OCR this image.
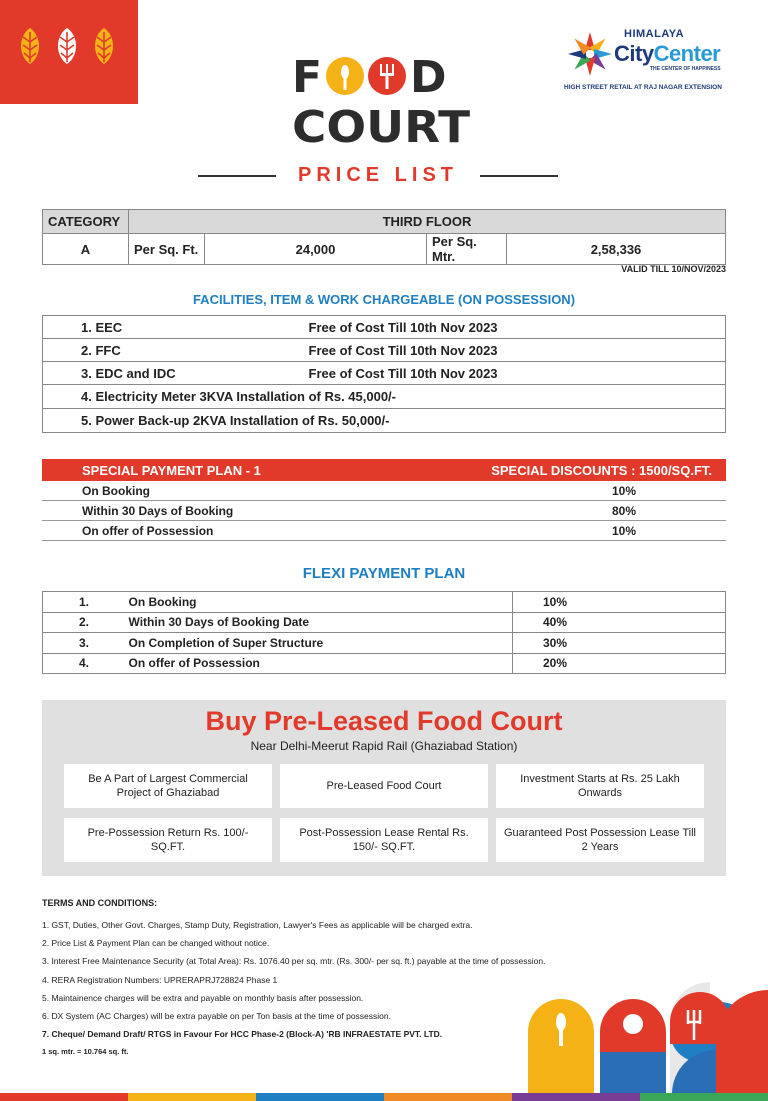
F D
COURT
PRICE LIST
HIMALAYA
CityCenter
THE CENTER OF HAPPINESS
HIGH STREET RETAIL AT RAJ NAGAR EXTENSION
CATEGORY	THIRD FLOOR			
A	Per Sq. Ft.	24,000	Per Sq. Mtr.	2,58,336
VALID TILL 10/NOV/2023
FACILITIES, ITEM & WORK CHARGEABLE (ON POSSESSION)
1. EEC	Free of Cost Till 10th Nov 2023
2. FFC	Free of Cost Till 10th Nov 2023
3. EDC and IDC	Free of Cost Till 10th Nov 2023
4. Electricity Meter 3KVA Installation of Rs. 45,000/-	
5. Power Back-up 2KVA Installation of Rs. 50,000/-	
SPECIAL PAYMENT PLAN - 1	SPECIAL DISCOUNTS : 1500/SQ.FT.
On Booking	10%
Within 30 Days of Booking	80%
On offer of Possession	10%
FLEXI PAYMENT PLAN
1.	On Booking	10%
2.	Within 30 Days of Booking Date	40%
3.	On Completion of Super Structure	30%
4.	On offer of Possession	20%
Buy Pre-Leased Food Court
Near Delhi-Meerut Rapid Rail (Ghaziabad Station)
Be A Part of Largest Commercial Project of Ghaziabad
Pre-Leased Food Court
Investment Starts at Rs. 25 Lakh Onwards
Pre-Possession Return Rs. 100/- SQ.FT.
Post-Possession Lease Rental Rs. 150/- SQ.FT.
Guaranteed Post Possession Lease Till 2 Years
TERMS AND CONDITIONS:
1. GST, Duties, Other Govt. Charges, Stamp Duty, Registration, Lawyer's Fees as applicable will be charged extra.
2. Price List & Payment Plan can be changed without notice.
3. Interest Free Maintenance Security (at Total Area): Rs. 1076.40 per sq. mtr. (Rs. 300/- per sq. ft.) payable at the time of possession.
4. RERA Registration Numbers: UPRERAPRJ728824 Phase 1
5. Maintainence charges will be extra and payable on monthly basis after possession.
6. DX System (AC Charges) will be extra payable on per Ton basis at the time of possession.
7. Cheque/ Demand Draft/ RTGS in Favour For HCC Phase-2 (Block-A) 'RB INFRAESTATE PVT. LTD.
1 sq. mtr. = 10.764 sq. ft.
